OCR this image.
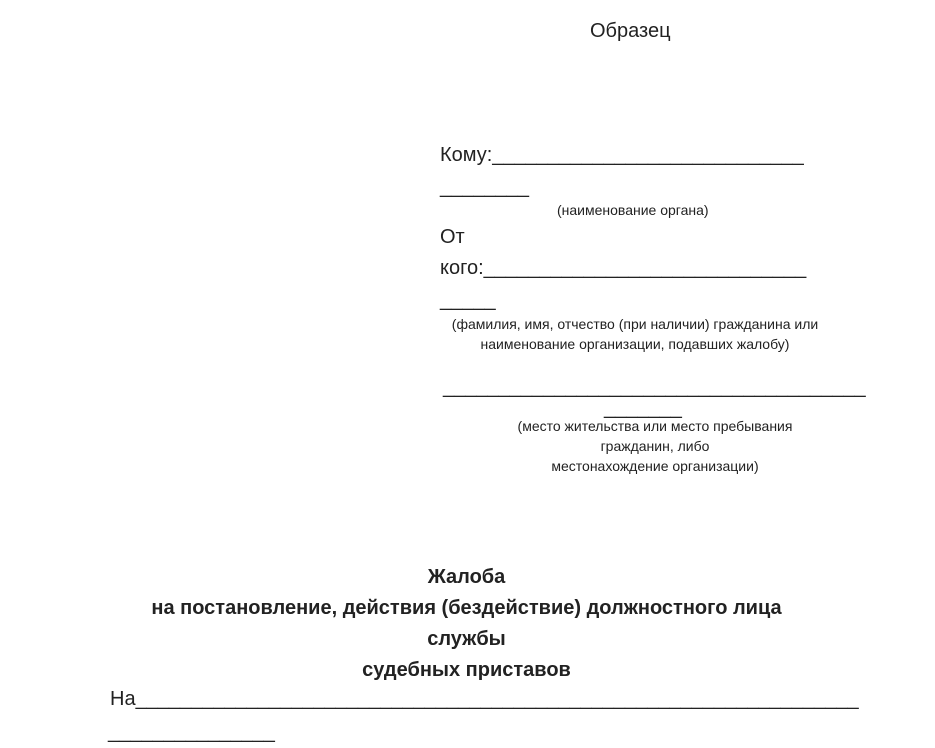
Образец
Кому:____________________________
________
(наименование органа)
От
кого:_____________________________
_____
(фамилия, имя, отчество (при наличии) гражданина или
наименование организации, подавших жалобу)
______________________________________
_______
(место жительства или место пребывания
гражданин, либо
местонахождение организации)
Жалоба
на постановление, действия (бездействие) должностного лица
службы
судебных приставов
На_________________________________________________________________
_______________
